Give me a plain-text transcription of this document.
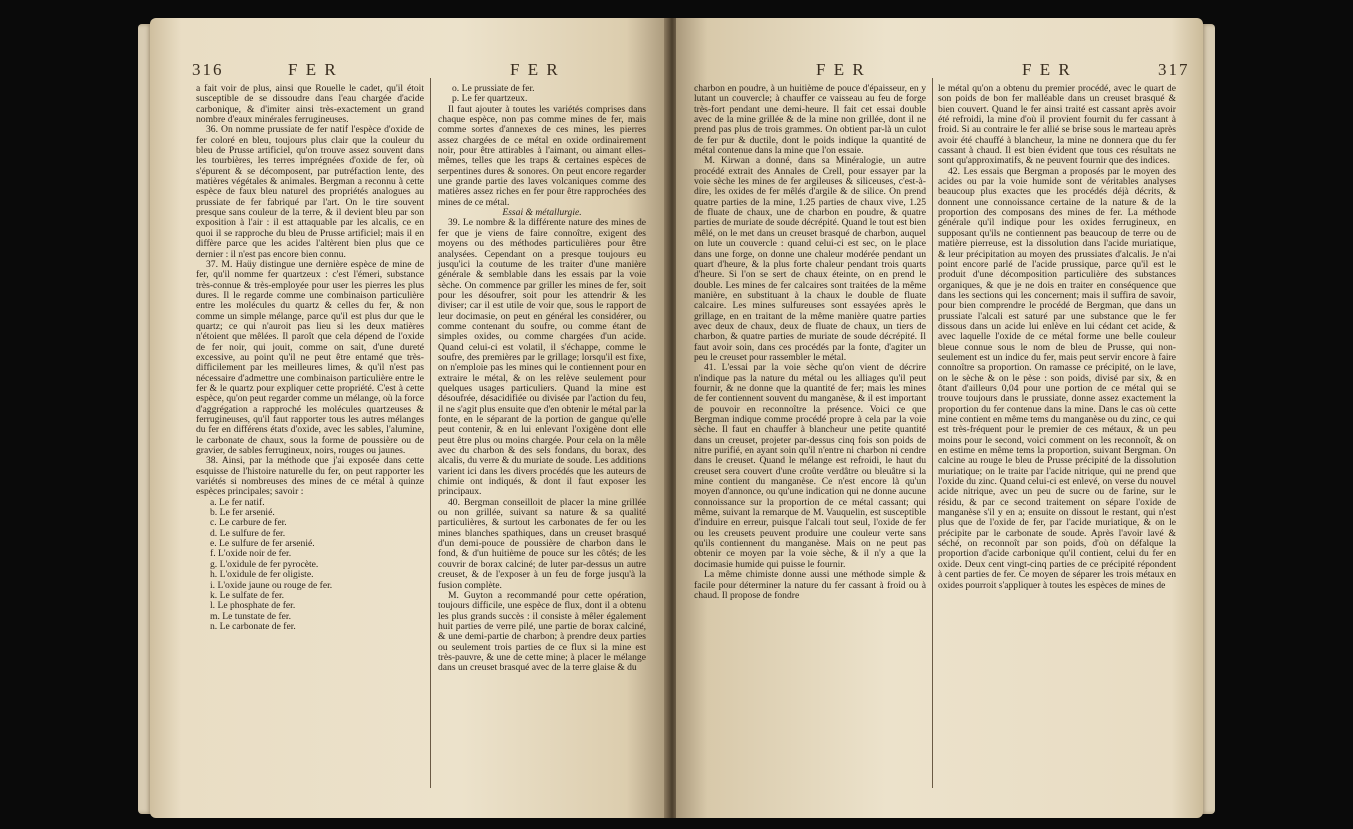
316	F E R	F E R

a fait voir de plus, ainsi que Rouelle le cadet, qu'il étoit susceptible de se dissoudre dans l'eau chargée d'acide carbonique, & d'imiter ainsi très-exactement un grand nombre d'eaux minérales ferrugineuses.

36. On nomme prussiate de fer natif l'espèce d'oxide de fer coloré en bleu, toujours plus clair que la couleur du bleu de Prusse artificiel, qu'on trouve assez souvent dans les tourbières, les terres imprégnées d'oxide de fer, où s'épurent & se décomposent, par putréfaction lente, des matières végétales & animales. Bergman a reconnu à cette espèce de faux bleu naturel des propriétés analogues au prussiate de fer fabriqué par l'art. On le tire souvent presque sans couleur de la terre, & il devient bleu par son exposition à l'air : il est attaquable par les alcalis, ce en quoi il se rapproche du bleu de Prusse artificiel; mais il en diffère parce que les acides l'altèrent bien plus que ce dernier : il n'est pas encore bien connu.

37. M. Haüy distingue une dernière espèce de mine de fer, qu'il nomme fer quartzeux : c'est l'émeri, substance très-connue & très-employée pour user les pierres les plus dures. Il le regarde comme une combinaison particulière entre les molécules du quartz & celles du fer, & non comme un simple mélange, parce qu'il est plus dur que le quartz; ce qui n'auroit pas lieu si les deux matières n'étoient que mêlées. Il paroît que cela dépend de l'oxide de fer noir, qui jouit, comme on sait, d'une dureté excessive, au point qu'il ne peut être entamé que très-difficilement par les meilleures limes, & qu'il n'est pas nécessaire d'admettre une combinaison particulière entre le fer & le quartz pour expliquer cette propriété. C'est à cette espèce, qu'on peut regarder comme un mélange, où la force d'aggrégation a rapproché les molécules quartzeuses & ferrugineuses, qu'il faut rapporter tous les autres mélanges du fer en différens états d'oxide, avec les sables, l'alumine, le carbonate de chaux, sous la forme de poussière ou de gravier, de sables ferrugineux, noirs, rouges ou jaunes.

38. Ainsi, par la méthode que j'ai exposée dans cette esquisse de l'histoire naturelle du fer, on peut rapporter les variétés si nombreuses des mines de ce métal à quinze espèces principales; savoir :

a. Le fer natif.

b. Le fer arsenié.

c. Le carbure de fer.

d. Le sulfure de fer.

e. Le sulfure de fer arsenié.

f. L'oxide noir de fer.

g. L'oxidule de fer pyrocète.

h. L'oxidule de fer oligiste.

i. L'oxide jaune ou rouge de fer.

k. Le sulfate de fer.

l. Le phosphate de fer.

m. Le tunstate de fer.

n. Le carbonate de fer.

o. Le prussiate de fer.

p. Le fer quartzeux.

Il faut ajouter à toutes les variétés comprises dans chaque espèce, non pas comme mines de fer, mais comme sortes d'annexes de ces mines, les pierres assez chargées de ce métal en oxide ordinairement noir, pour être attirables à l'aimant, ou aimant elles-mêmes, telles que les traps & certaines espèces de serpentines dures & sonores. On peut encore regarder une grande partie des laves volcaniques comme des matières assez riches en fer pour être rapprochées des mines de ce métal.

Essai & métallurgie.

39. Le nombre & la différente nature des mines de fer que je viens de faire connoître, exigent des moyens ou des méthodes particulières pour être analysées. Cependant on a presque toujours eu jusqu'ici la coutume de les traiter d'une manière générale & semblable dans les essais par la voie sèche. On commence par griller les mines de fer, soit pour les désoufrer, soit pour les attendrir & les diviser; car il est utile de voir que, sous le rapport de leur docimasie, on peut en général les considérer, ou comme contenant du soufre, ou comme étant de simples oxides, ou comme chargées d'un acide. Quand celui-ci est volatil, il s'échappe, comme le soufre, des premières par le grillage; lorsqu'il est fixe, on n'emploie pas les mines qui le contiennent pour en extraire le métal, & on les relève seulement pour quelques usages particuliers. Quand la mine est désoufrée, désacidifiée ou divisée par l'action du feu, il ne s'agit plus ensuite que d'en obtenir le métal par la fonte, en le séparant de la portion de gangue qu'elle peut contenir, & en lui enlevant l'oxigène dont elle peut être plus ou moins chargée. Pour cela on la mêle avec du charbon & des sels fondans, du borax, des alcalis, du verre & du muriate de soude. Les additions varient ici dans les divers procédés que les auteurs de chimie ont indiqués, & dont il faut exposer les principaux.

40. Bergman conseilloit de placer la mine grillée ou non grillée, suivant sa nature & sa qualité particulières, & surtout les carbonates de fer ou les mines blanches spathiques, dans un creuset brasqué d'un demi-pouce de poussière de charbon dans le fond, & d'un huitième de pouce sur les côtés; de les couvrir de borax calciné; de luter par-dessus un autre creuset, & de l'exposer à un feu de forge jusqu'à la fusion complète.

M. Guyton a recommandé pour cette opération, toujours difficile, une espèce de flux, dont il a obtenu les plus grands succès : il consiste à mêler également huit parties de verre pilé, une partie de borax calciné, & une demi-partie de charbon; à prendre deux parties ou seulement trois parties de ce flux si la mine est très-pauvre, & une de cette mine; à placer le mélange dans un creuset brasqué avec de la terre glaise & du

F E R	F E R	317

charbon en poudre, à un huitième de pouce d'épaisseur, en y lutant un couvercle; à chauffer ce vaisseau au feu de forge très-fort pendant une demi-heure. Il fait cet essai double avec de la mine grillée & de la mine non grillée, dont il ne prend pas plus de trois grammes. On obtient par-là un culot de fer pur & ductile, dont le poids indique la quantité de métal contenue dans la mine que l'on essaie.

M. Kirwan a donné, dans sa Minéralogie, un autre procédé extrait des Annales de Crell, pour essayer par la voie sèche les mines de fer argileuses & siliceuses, c'est-à-dire, les oxides de fer mêlés d'argile & de silice. On prend quatre parties de la mine, 1.25 parties de chaux vive, 1.25 de fluate de chaux, une de charbon en poudre, & quatre parties de muriate de soude décrépité. Quand le tout est bien mêlé, on le met dans un creuset brasqué de charbon, auquel on lute un couvercle : quand celui-ci est sec, on le place dans une forge, on donne une chaleur modérée pendant un quart d'heure, & la plus forte chaleur pendant trois quarts d'heure. Si l'on se sert de chaux éteinte, on en prend le double. Les mines de fer calcaires sont traitées de la même manière, en substituant à la chaux le double de fluate calcaire. Les mines sulfureuses sont essayées après le grillage, en en traitant de la même manière quatre parties avec deux de chaux, deux de fluate de chaux, un tiers de charbon, & quatre parties de muriate de soude décrépité. Il faut avoir soin, dans ces procédés par la fonte, d'agiter un peu le creuset pour rassembler le métal.

41. L'essai par la voie sèche qu'on vient de décrire n'indique pas la nature du métal ou les alliages qu'il peut fournir, & ne donne que la quantité de fer; mais les mines de fer contiennent souvent du manganèse, & il est important de pouvoir en reconnoître la présence. Voici ce que Bergman indique comme procédé propre à cela par la voie sèche. Il faut en chauffer à blancheur une petite quantité dans un creuset, projeter par-dessus cinq fois son poids de nitre purifié, en ayant soin qu'il n'entre ni charbon ni cendre dans le creuset. Quand le mélange est refroidi, le haut du creuset sera couvert d'une croûte verdâtre ou bleuâtre si la mine contient du manganèse. Ce n'est encore là qu'un moyen d'annonce, ou qu'une indication qui ne donne aucune connoissance sur la proportion de ce métal cassant; qui même, suivant la remarque de M. Vauquelin, est susceptible d'induire en erreur, puisque l'alcali tout seul, l'oxide de fer ou les creusets peuvent produire une couleur verte sans qu'ils contiennent du manganèse. Mais on ne peut pas obtenir ce moyen par la voie sèche, & il n'y a que la docimasie humide qui puisse le fournir.

La même chimiste donne aussi une méthode simple & facile pour déterminer la nature du fer cassant à froid ou à chaud. Il propose de fondre

le métal qu'on a obtenu du premier procédé, avec le quart de son poids de bon fer malléable dans un creuset brasqué & bien couvert. Quand le fer ainsi traité est cassant après avoir été refroidi, la mine d'où il provient fournit du fer cassant à froid. Si au contraire le fer allié se brise sous le marteau après avoir été chauffé à blancheur, la mine ne donnera que du fer cassant à chaud. Il est bien évident que tous ces résultats ne sont qu'approximatifs, & ne peuvent fournir que des indices.

42. Les essais que Bergman a proposés par le moyen des acides ou par la voie humide sont de véritables analyses beaucoup plus exactes que les procédés déjà décrits, & donnent une connoissance certaine de la nature & de la proportion des composans des mines de fer. La méthode générale qu'il indique pour les oxides ferrugineux, en supposant qu'ils ne contiennent pas beaucoup de terre ou de matière pierreuse, est la dissolution dans l'acide muriatique, & leur précipitation au moyen des prussiates d'alcalis. Je n'ai point encore parlé de l'acide prussique, parce qu'il est le produit d'une décomposition particulière des substances organiques, & que je ne dois en traiter en conséquence que dans les sections qui les concernent; mais il suffira de savoir, pour bien comprendre le procédé de Bergman, que dans un prussiate l'alcali est saturé par une substance que le fer dissous dans un acide lui enlève en lui cédant cet acide, & avec laquelle l'oxide de ce métal forme une belle couleur bleue connue sous le nom de bleu de Prusse, qui non-seulement est un indice du fer, mais peut servir encore à faire connoître sa proportion. On ramasse ce précipité, on le lave, on le sèche & on le pèse : son poids, divisé par six, & en ôtant d'ailleurs 0,04 pour une portion de ce métal qui se trouve toujours dans le prussiate, donne assez exactement la proportion du fer contenue dans la mine. Dans le cas où cette mine contient en même tems du manganèse ou du zinc, ce qui est très-fréquent pour le premier de ces métaux, & un peu moins pour le second, voici comment on les reconnoît, & on en estime en même tems la proportion, suivant Bergman. On calcine au rouge le bleu de Prusse précipité de la dissolution muriatique; on le traite par l'acide nitrique, qui ne prend que l'oxide du zinc. Quand celui-ci est enlevé, on verse du nouvel acide nitrique, avec un peu de sucre ou de farine, sur le résidu, & par ce second traitement on sépare l'oxide de manganèse s'il y en a; ensuite on dissout le restant, qui n'est plus que de l'oxide de fer, par l'acide muriatique, & on le précipite par le carbonate de soude. Après l'avoir lavé & séché, on reconnoît par son poids, d'où on défalque la proportion d'acide carbonique qu'il contient, celui du fer en oxide. Deux cent vingt-cinq parties de ce précipité répondent à cent parties de fer. Ce moyen de séparer les trois métaux en oxides pourroit s'appliquer à toutes les espèces de mines de
